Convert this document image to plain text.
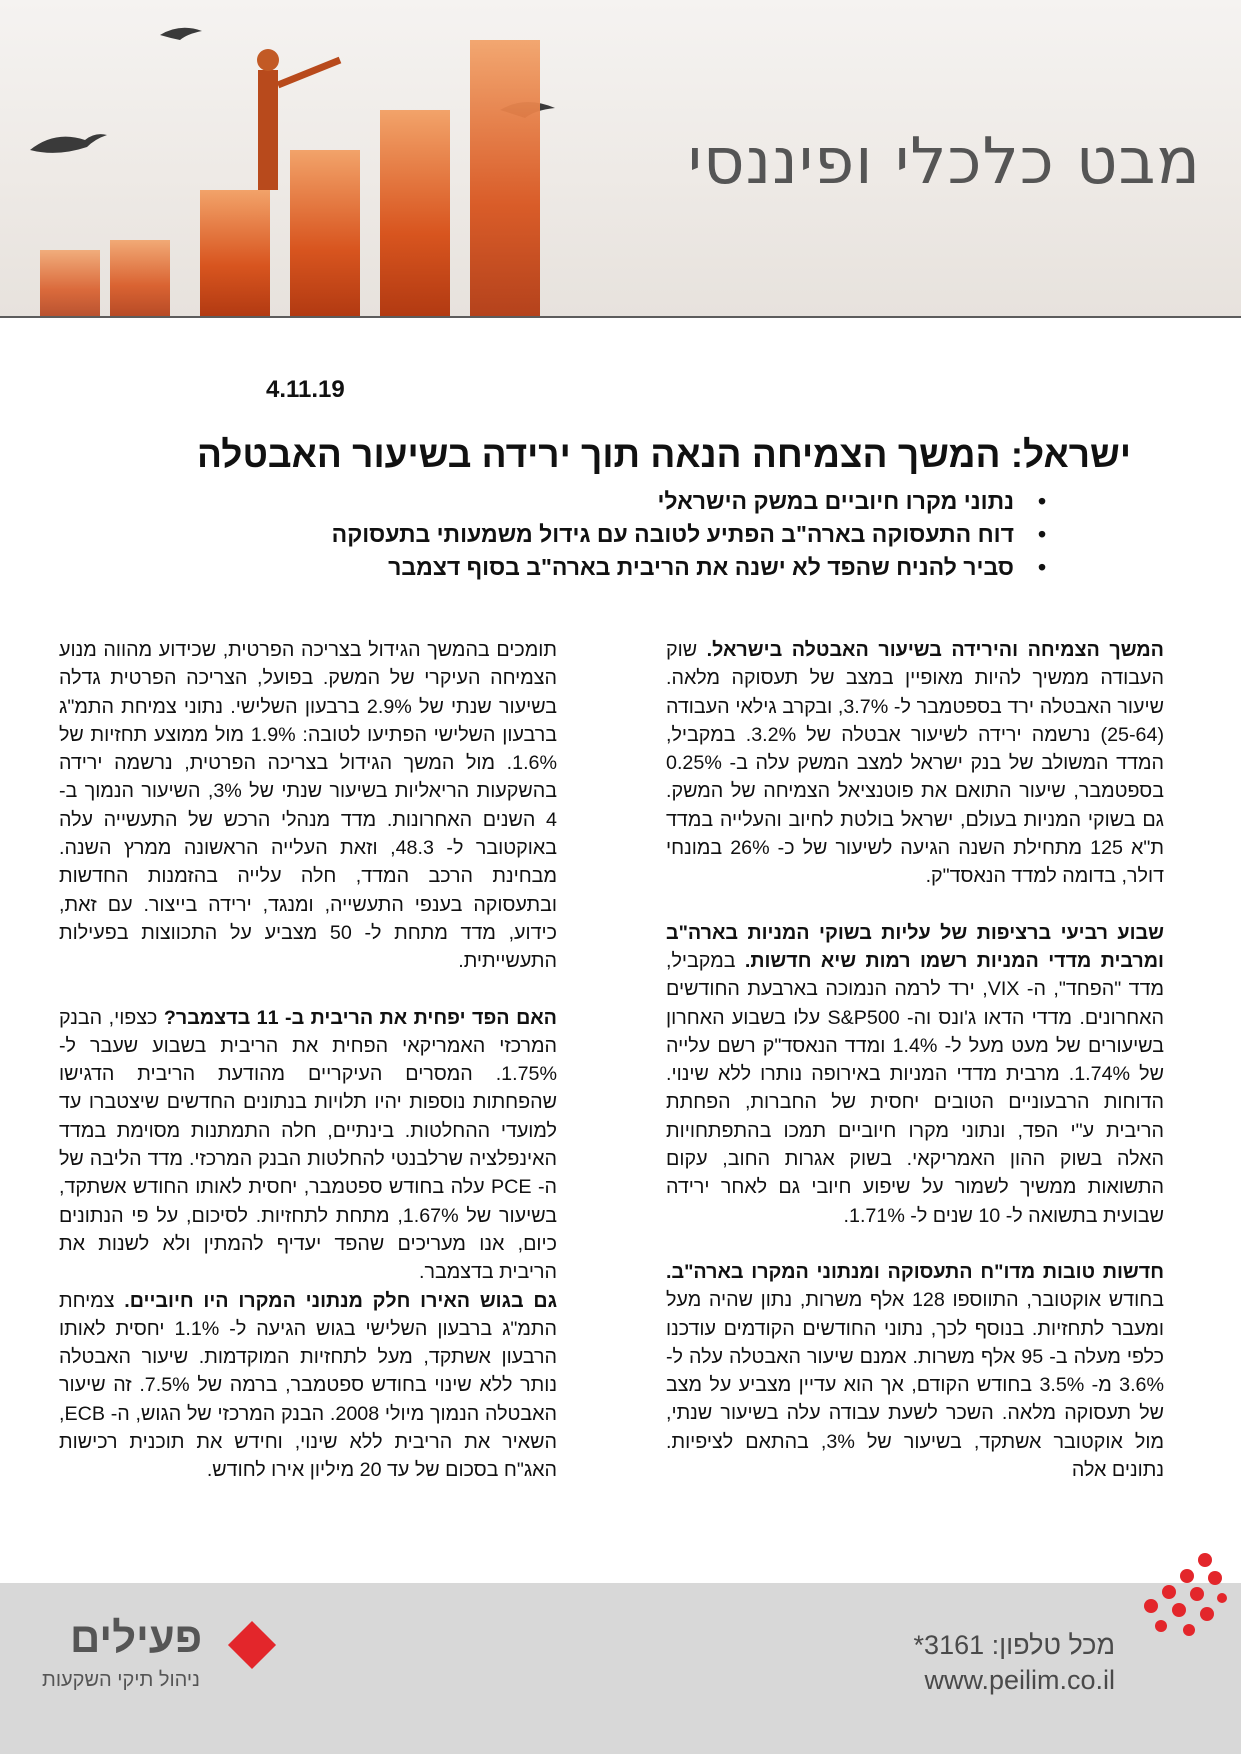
מבט כלכלי ופיננסי
4.11.19
ישראל: המשך הצמיחה הנאה תוך ירידה בשיעור האבטלה
• נתוני מקרו חיוביים במשק הישראלי
• דוח התעסוקה בארה"ב הפתיע לטובה עם גידול משמעותי בתעסוקה
• סביר להניח שהפד לא ישנה את הריבית בארה"ב בסוף דצמבר

המשך הצמיחה והירידה בשיעור האבטלה בישראל. שוק העבודה ממשיך להיות מאופיין במצב של תעסוקה מלאה. שיעור האבטלה ירד בספטמבר ל- 3.7%, ובקרב גילאי העבודה (25-64) נרשמה ירידה לשיעור אבטלה של 3.2%. במקביל, המדד המשולב של בנק ישראל למצב המשק עלה ב- 0.25% בספטמבר, שיעור התואם את פוטנציאל הצמיחה של המשק. גם בשוקי המניות בעולם, ישראל בולטת לחיוב והעלייה במדד ת"א 125 מתחילת השנה הגיעה לשיעור של כ- 26% במונחי דולר, בדומה למדד הנאסד"ק.

שבוע רביעי ברציפות של עליות בשוקי המניות בארה"ב ומרבית מדדי המניות רשמו רמות שיא חדשות. במקביל, מדד "הפחד", ה- VIX, ירד לרמה הנמוכה בארבעת החודשים האחרונים. מדדי הדאו ג'ונס וה- S&P500 עלו בשבוע האחרון בשיעורים של מעט מעל ל- 1.4% ומדד הנאסד"ק רשם עלייה של 1.74%. מרבית מדדי המניות באירופה נותרו ללא שינוי. הדוחות הרבעוניים הטובים יחסית של החברות, הפחתת הריבית ע"י הפד, ונתוני מקרו חיוביים תמכו בהתפתחויות האלה בשוק ההון האמריקאי. בשוק אגרות החוב, עקום התשואות ממשיך לשמור על שיפוע חיובי גם לאחר ירידה שבועית בתשואה ל- 10 שנים ל- 1.71%.

חדשות טובות מדו"ח התעסוקה ומנתוני המקרו בארה"ב. בחודש אוקטובר, התווספו 128 אלף משרות, נתון שהיה מעל ומעבר לתחזיות. בנוסף לכך, נתוני החודשים הקודמים עודכנו כלפי מעלה ב- 95 אלף משרות. אמנם שיעור האבטלה עלה ל- 3.6% מ- 3.5% בחודש הקודם, אך הוא עדיין מצביע על מצב של תעסוקה מלאה. השכר לשעת עבודה עלה בשיעור שנתי, מול אוקטובר אשתקד, בשיעור של 3%, בהתאם לציפיות. נתונים אלה

תומכים בהמשך הגידול בצריכה הפרטית, שכידוע מהווה מנוע הצמיחה העיקרי של המשק. בפועל, הצריכה הפרטית גדלה בשיעור שנתי של 2.9% ברבעון השלישי. נתוני צמיחת התמ"ג ברבעון השלישי הפתיעו לטובה: 1.9% מול ממוצע תחזיות של 1.6%. מול המשך הגידול בצריכה הפרטית, נרשמה ירידה בהשקעות הריאליות בשיעור שנתי של 3%, השיעור הנמוך ב- 4 השנים האחרונות. מדד מנהלי הרכש של התעשייה עלה באוקטובר ל- 48.3, וזאת העלייה הראשונה ממרץ השנה. מבחינת הרכב המדד, חלה עלייה בהזמנות החדשות ובתעסוקה בענפי התעשייה, ומנגד, ירידה בייצור. עם זאת, כידוע, מדד מתחת ל- 50 מצביע על התכווצות בפעילות התעשייתית.

האם הפד יפחית את הריבית ב- 11 בדצמבר? כצפוי, הבנק המרכזי האמריקאי הפחית את הריבית בשבוע שעבר ל- 1.75%. המסרים העיקריים מהודעת הריבית הדגישו שהפחתות נוספות יהיו תלויות בנתונים החדשים שיצטברו עד למועדי ההחלטות. בינתיים, חלה התמתנות מסוימת במדד האינפלציה שרלבנטי להחלטות הבנק המרכזי. מדד הליבה של ה- PCE עלה בחודש ספטמבר, יחסית לאותו החודש אשתקד, בשיעור של 1.67%, מתחת לתחזיות. לסיכום, על פי הנתונים כיום, אנו מעריכים שהפד יעדיף להמתין ולא לשנות את הריבית בדצמבר.

גם בגוש האירו חלק מנתוני המקרו היו חיוביים. צמיחת התמ"ג ברבעון השלישי בגוש הגיעה ל- 1.1% יחסית לאותו הרבעון אשתקד, מעל לתחזיות המוקדמות. שיעור האבטלה נותר ללא שינוי בחודש ספטמבר, ברמה של 7.5%. זה שיעור האבטלה הנמוך מיולי 2008. הבנק המרכזי של הגוש, ה- ECB, השאיר את הריבית ללא שינוי, וחידש את תוכנית רכישות האג"ח בסכום של עד 20 מיליון אירו לחודש.

מכל טלפון: 3161*
www.peilim.co.il
פעילים
ניהול תיקי השקעות
